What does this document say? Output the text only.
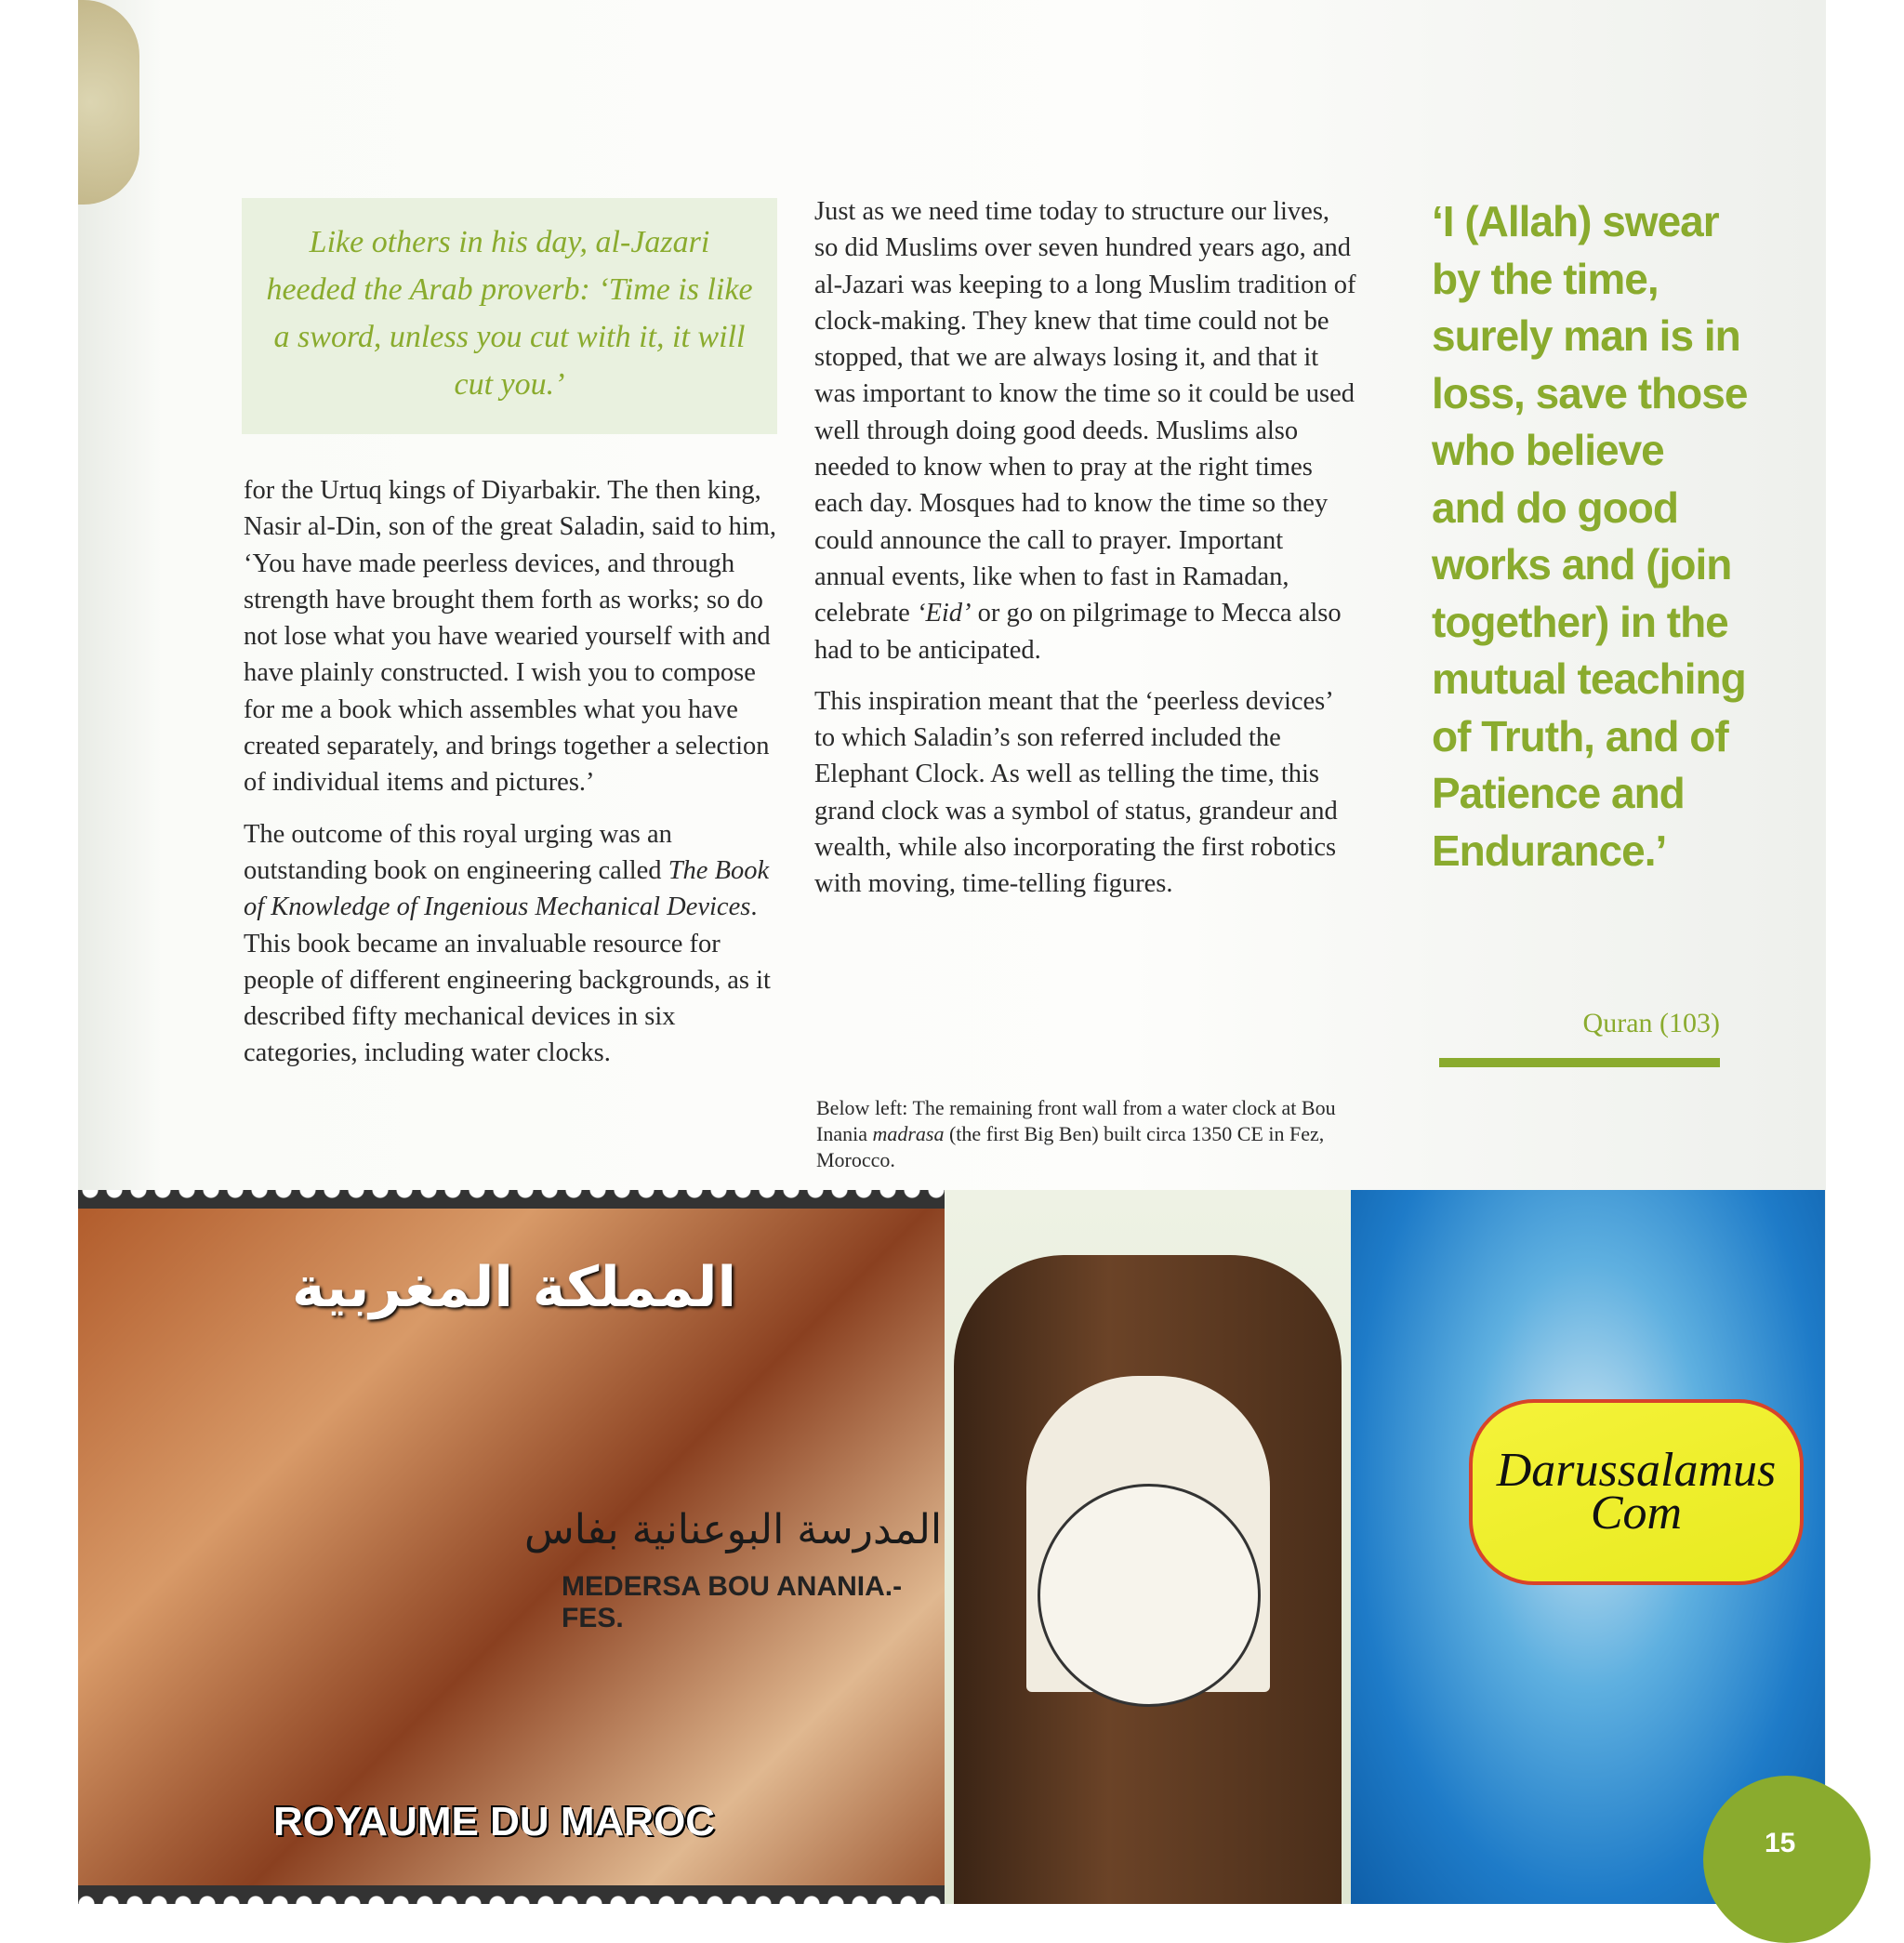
Like others in his day, al-Jazari heeded the Arab proverb: ‘Time is like a sword, unless you cut with it, it will cut you.’

for the Urtuq kings of Diyarbakir. The then king, Nasir al-Din, son of the great Saladin, said to him, ‘You have made peerless devices, and through strength have brought them forth as works; so do not lose what you have wearied yourself with and have plainly constructed. I wish you to compose for me a book which assembles what you have created separately, and brings together a selection of individual items and pictures.’

The outcome of this royal urging was an outstanding book on engineering called The Book of Knowledge of Ingenious Mechanical Devices. This book became an invaluable resource for people of different engineering backgrounds, as it described fifty mechanical devices in six categories, including water clocks.

Just as we need time today to structure our lives, so did Muslims over seven hundred years ago, and al-Jazari was keeping to a long Muslim tradition of clock-making. They knew that time could not be stopped, that we are always losing it, and that it was important to know the time so it could be used well through doing good deeds. Muslims also needed to know when to pray at the right times each day. Mosques had to know the time so they could announce the call to prayer. Important annual events, like when to fast in Ramadan, celebrate ‘Eid’ or go on pilgrimage to Mecca also had to be anticipated.

This inspiration meant that the ‘peerless devices’ to which Saladin’s son referred included the Elephant Clock. As well as telling the time, this grand clock was a symbol of status, grandeur and wealth, while also incorporating the first robotics with moving, time-telling figures.

‘I (Allah) swear by the time, surely man is in loss, save those who believe and do good works and (join together) in the mutual teaching of Truth, and of Patience and Endurance.’
Quran (103)
Below left: The remaining front wall from a water clock at Bou Inania madrasa (the first Big Ben) built circa 1350 CE in Fez, Morocco.
المملكة المغربية
المدرسة البوعنانية بفاس
MEDERSA BOU ANANIA.- FES.
ROYAUME DU MAROC
Darussalamus
Com
15
